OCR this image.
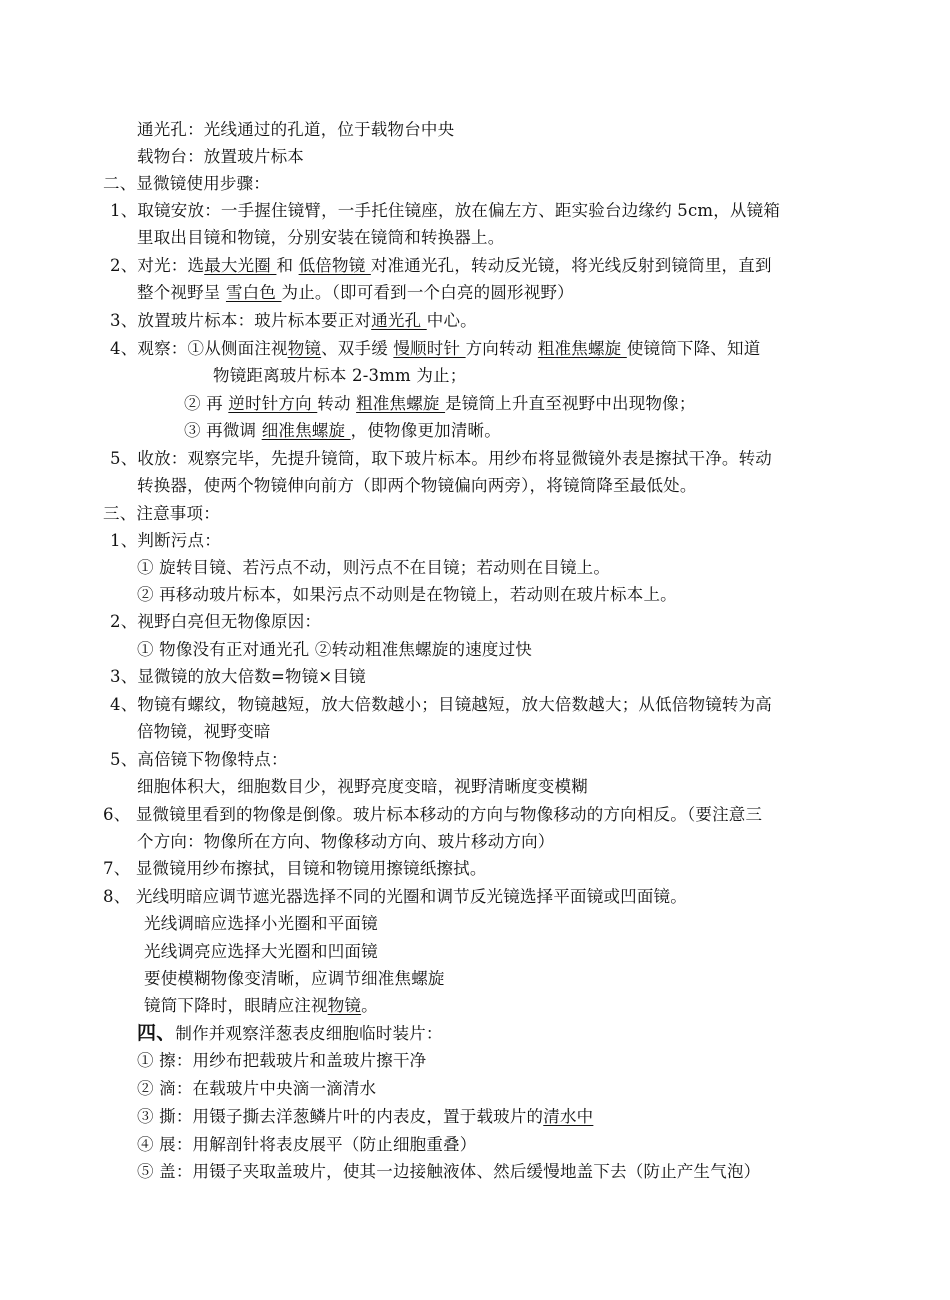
通光孔：光线通过的孔道，位于载物台中央
载物台：放置玻片标本
二、显微镜使用步骤：
1、取镜安放：一手握住镜臂，一手托住镜座，放在偏左方、距实验台边缘约 5cm，从镜箱
里取出目镜和物镜，分别安装在镜筒和转换器上。
2、对光：选最大光圈 和 低倍物镜 对准通光孔，转动反光镜，将光线反射到镜筒里，直到
整个视野呈 雪白色 为止。（即可看到一个白亮的圆形视野）
3、放置玻片标本：玻片标本要正对通光孔 中心。
4、观察：①从侧面注视物镜、双手缓 慢顺时针 方向转动 粗准焦螺旋 使镜筒下降、知道
物镜距离玻片标本 2-3mm 为止；
② 再 逆时针方向 转动 粗准焦螺旋 是镜筒上升直至视野中出现物像；
③ 再微调 细准焦螺旋 ，使物像更加清晰。
5、收放：观察完毕，先提升镜筒，取下玻片标本。用纱布将显微镜外表是擦拭干净。转动
转换器，使两个物镜伸向前方（即两个物镜偏向两旁），将镜筒降至最低处。
三、注意事项：
1、判断污点：
① 旋转目镜、若污点不动，则污点不在目镜；若动则在目镜上。
② 再移动玻片标本，如果污点不动则是在物镜上，若动则在玻片标本上。
2、视野白亮但无物像原因：
① 物像没有正对通光孔 ②转动粗准焦螺旋的速度过快
3、显微镜的放大倍数=物镜×目镜
4、物镜有螺纹，物镜越短，放大倍数越小；目镜越短，放大倍数越大；从低倍物镜转为高
倍物镜，视野变暗
5、高倍镜下物像特点：
细胞体积大，细胞数目少，视野亮度变暗，视野清晰度变模糊
6、 显微镜里看到的物像是倒像。玻片标本移动的方向与物像移动的方向相反。（要注意三
个方向：物像所在方向、物像移动方向、玻片移动方向）
7、 显微镜用纱布擦拭，目镜和物镜用擦镜纸擦拭。
8、 光线明暗应调节遮光器选择不同的光圈和调节反光镜选择平面镜或凹面镜。
光线调暗应选择小光圈和平面镜
光线调亮应选择大光圈和凹面镜
要使模糊物像变清晰，应调节细准焦螺旋
镜筒下降时，眼睛应注视物镜。
四、制作并观察洋葱表皮细胞临时装片：
① 擦：用纱布把载玻片和盖玻片擦干净
② 滴：在载玻片中央滴一滴清水
③ 撕：用镊子撕去洋葱鳞片叶的内表皮，置于载玻片的清水中
④ 展：用解剖针将表皮展平（防止细胞重叠）
⑤ 盖：用镊子夹取盖玻片，使其一边接触液体、然后缓慢地盖下去（防止产生气泡）
